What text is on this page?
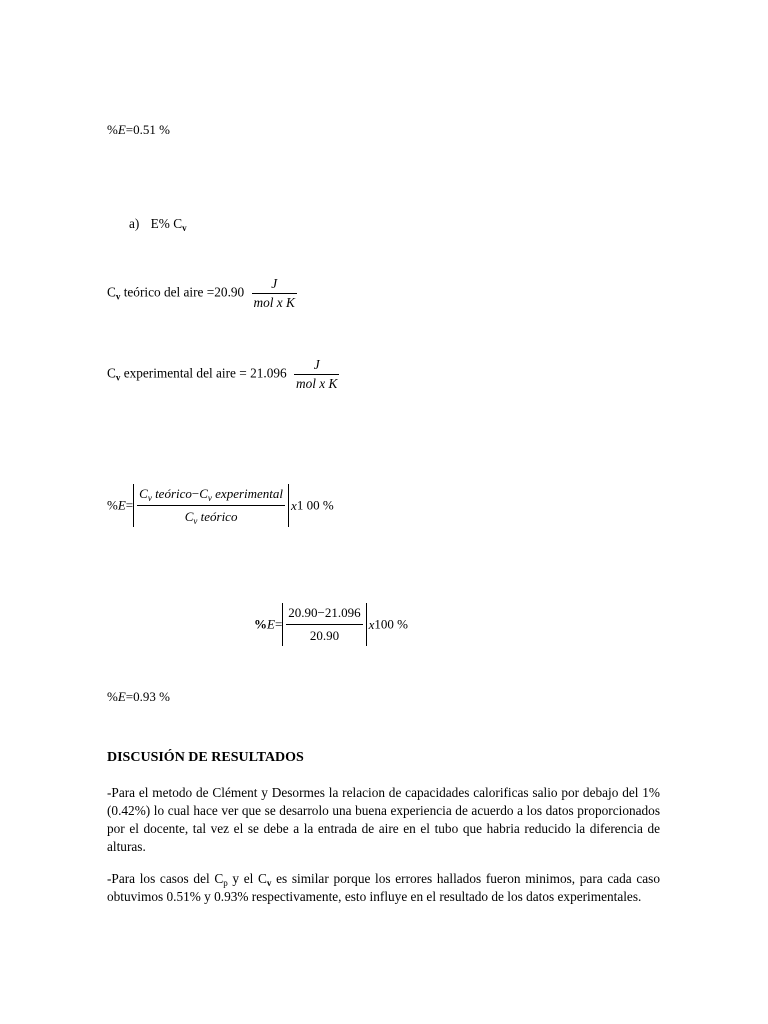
%E=0.51 %
a) E% $C_v$
$C_v$ teórico del aire $=20.90 \frac{J}{\text{mol x K}}$
$C_v$ experimental del aire = $21.096 \frac{J}{\text{mol x K}}$
$\%E= \frac{C_v teórico-C_v experimental}{C_v teórico} x1$ 00 %
$\%E= \frac{20.90-21.096}{20.90} x100$ %
%E=0.93 %
DISCUSIÓN DE RESULTADOS
-Para el metodo de Clément y Desormes la relacion de capacidades calorificas salio por debajo del 1% (0.42%) lo cual hace ver que se desarrolo una buena experiencia de acuerdo a los datos proporcionados por el docente, tal vez el se debe a la entrada de aire en el tubo que habria reducido la diferencia de alturas.
-Para los casos del $C_p$ y el $C_v$ es similar porque los errores hallados fueron minimos, para cada caso obtuvimos 0.51% y 0.93% respectivamente, esto influye en el resultado de los datos experimentales.
